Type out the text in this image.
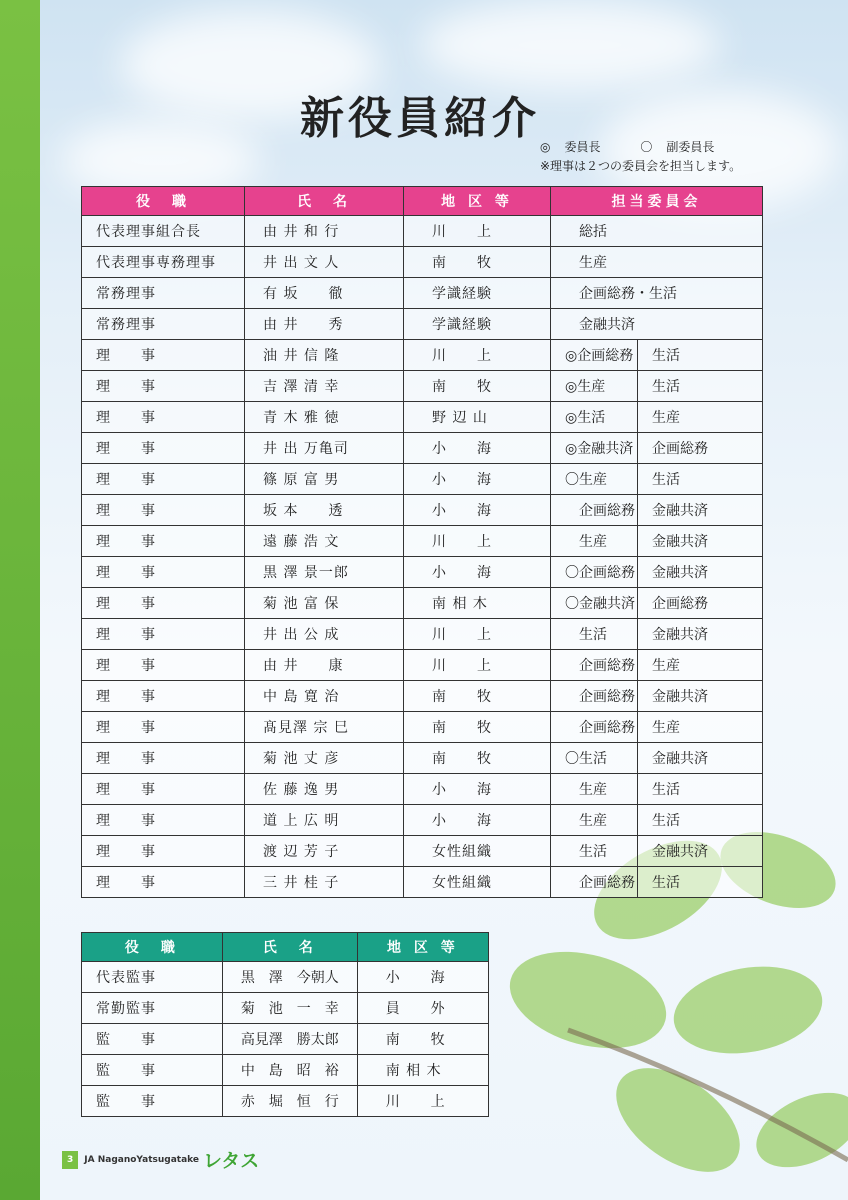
新役員紹介
◎ 委員長	〇 副委員長
※理事は２つの委員会を担当します。
役　職	氏　名	地 区 等	担当委員会	
代表理事組合長	由 井 和 行	川　　上	総括	
代表理事専務理事	井 出 文 人	南　　牧	生産	
常務理事	有 坂　　徹	学識経験	企画総務・生活	
常務理事	由 井　　秀	学識経験	金融共済	
理　　事	油 井 信 隆	川　　上	◎企画総務	生活
理　　事	吉 澤 清 幸	南　　牧	◎生産	生活
理　　事	青 木 雅 徳	野 辺 山	◎生活	生産
理　　事	井 出 万亀司	小　　海	◎金融共済	企画総務
理　　事	篠 原 富 男	小　　海	〇生産	生活
理　　事	坂 本　　透	小　　海	企画総務	金融共済
理　　事	遠 藤 浩 文	川　　上	生産	金融共済
理　　事	黒 澤 景一郎	小　　海	〇企画総務	金融共済
理　　事	菊 池 富 保	南 相 木	〇金融共済	企画総務
理　　事	井 出 公 成	川　　上	生活	金融共済
理　　事	由 井　　康	川　　上	企画総務	生産
理　　事	中 島 寛 治	南　　牧	企画総務	金融共済
理　　事	髙見澤 宗 巳	南　　牧	企画総務	生産
理　　事	菊 池 丈 彦	南　　牧	〇生活	金融共済
理　　事	佐 藤 逸 男	小　　海	生産	生活
理　　事	道 上 広 明	小　　海	生産	生活
理　　事	渡 辺 芳 子	女性組織	生活	金融共済
理　　事	三 井 桂 子	女性組織	企画総務	生活
役　職	氏　名	地 区 等
代表監事	黒　澤　今朝人	小　　海
常勤監事	菊　池　一　幸	員　　外
監　　事	高見澤　勝太郎	南　　牧
監　　事	中　島　昭　裕	南 相 木
監　　事	赤　堀　恒　行	川　　上
3 JA NaganoYatsugatake レタス
